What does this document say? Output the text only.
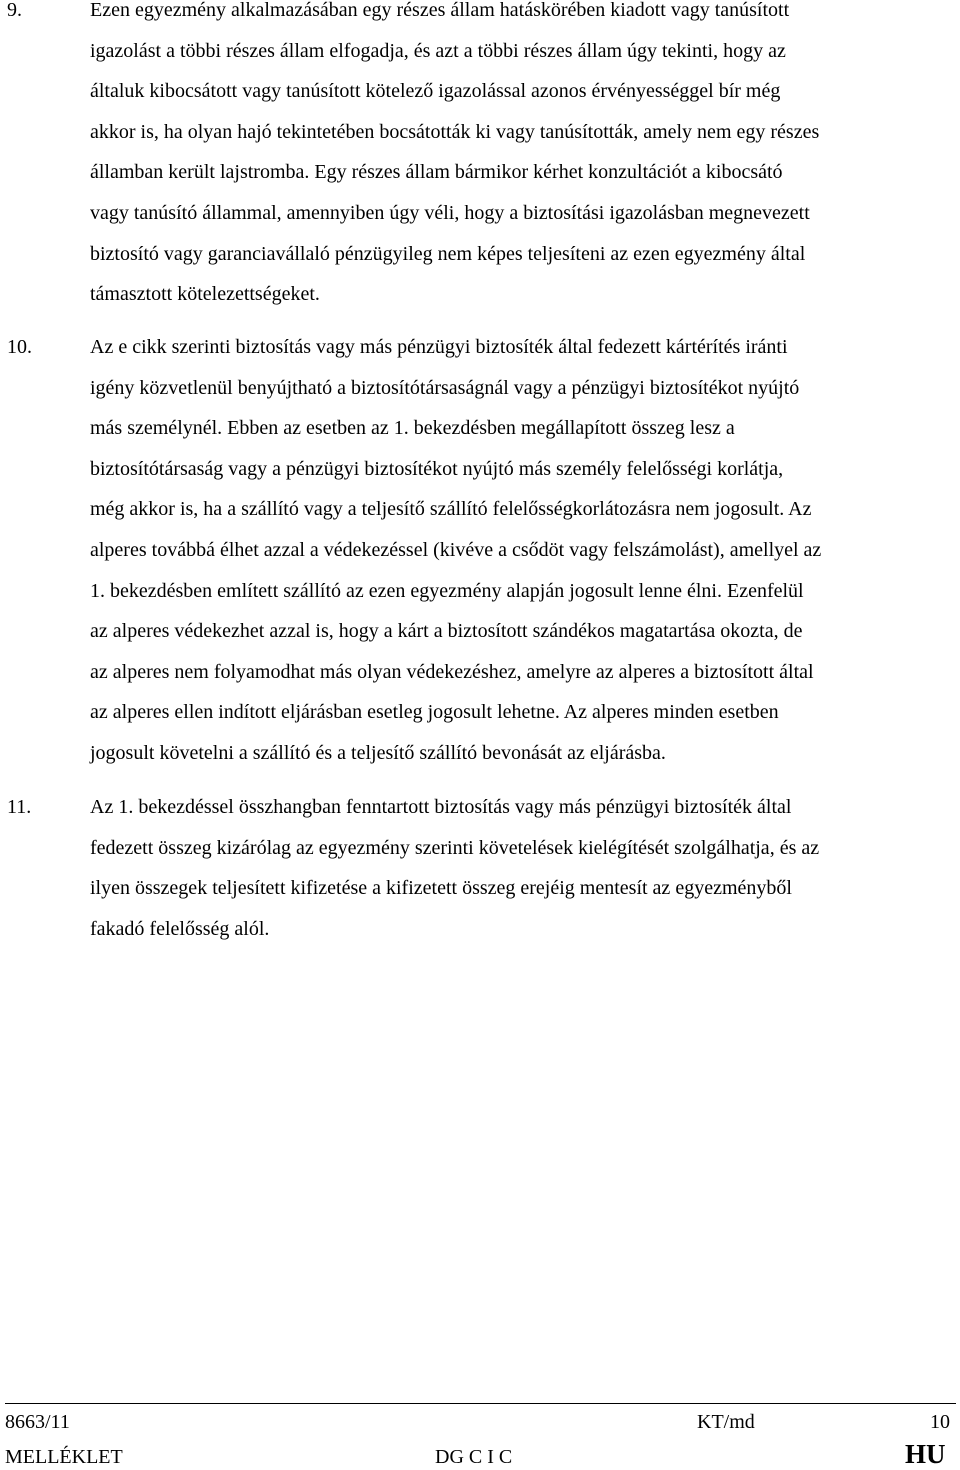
9.	Ezen egyezmény alkalmazásában egy részes állam hatáskörében kiadott vagy tanúsított
igazolást a többi részes állam elfogadja, és azt a többi részes állam úgy tekinti, hogy az
általuk kibocsátott vagy tanúsított kötelező igazolással azonos érvényességgel bír még
akkor is, ha olyan hajó tekintetében bocsátották ki vagy tanúsították, amely nem egy részes
államban került lajstromba. Egy részes állam bármikor kérhet konzultációt a kibocsátó
vagy tanúsító állammal, amennyiben úgy véli, hogy a biztosítási igazolásban megnevezett
biztosító vagy garanciavállaló pénzügyileg nem képes teljesíteni az ezen egyezmény által
támasztott kötelezettségeket.
10.	Az e cikk szerinti biztosítás vagy más pénzügyi biztosíték által fedezett kártérítés iránti
igény közvetlenül benyújtható a biztosítótársaságnál vagy a pénzügyi biztosítékot nyújtó
más személynél. Ebben az esetben az 1. bekezdésben megállapított összeg lesz a
biztosítótársaság vagy a pénzügyi biztosítékot nyújtó más személy felelősségi korlátja,
még akkor is, ha a szállító vagy a teljesítő szállító felelősségkorlátozásra nem jogosult. Az
alperes továbbá élhet azzal a védekezéssel (kivéve a csődöt vagy felszámolást), amellyel az
1. bekezdésben említett szállító az ezen egyezmény alapján jogosult lenne élni. Ezenfelül
az alperes védekezhet azzal is, hogy a kárt a biztosított szándékos magatartása okozta, de
az alperes nem folyamodhat más olyan védekezéshez, amelyre az alperes a biztosított által
az alperes ellen indított eljárásban esetleg jogosult lehetne. Az alperes minden esetben
jogosult követelni a szállító és a teljesítő szállító bevonását az eljárásba.
11.	Az 1. bekezdéssel összhangban fenntartott biztosítás vagy más pénzügyi biztosíték által
fedezett összeg kizárólag az egyezmény szerinti követelések kielégítését szolgálhatja, és az
ilyen összegek teljesített kifizetése a kifizetett összeg erejéig mentesít az egyezményből
fakadó felelősség alól.
8663/11	KT/md	10
MELLÉKLET	DG C I C	HU
